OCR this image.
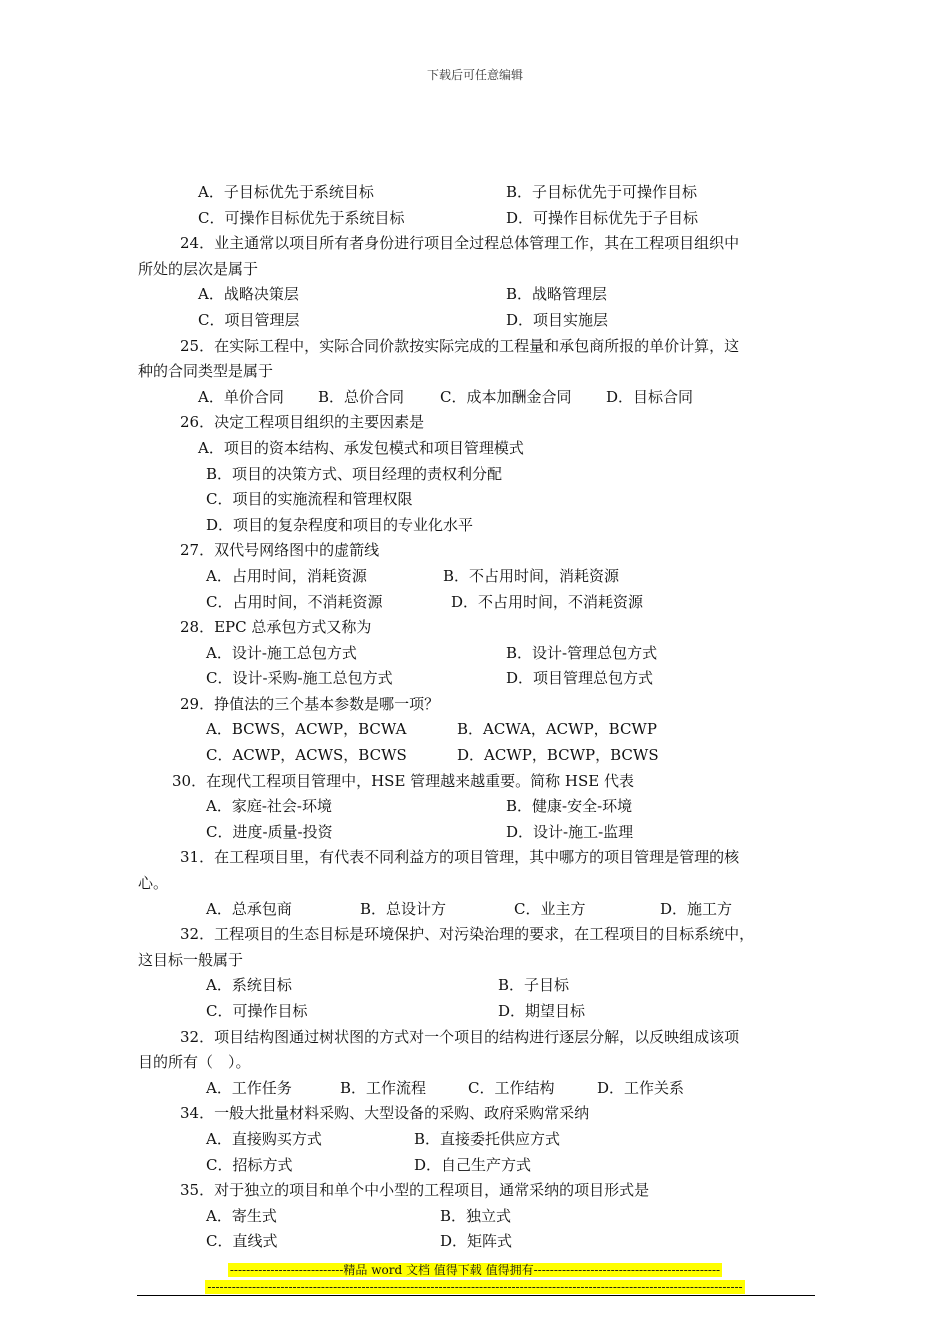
下载后可任意编辑
A．子目标优先于系统目标	B．子目标优先于可操作目标
C．可操作目标优先于系统目标	D．可操作目标优先于子目标
24．业主通常以项目所有者身份进行项目全过程总体管理工作，其在工程项目组织中
所处的层次是属于
A．战略决策层	B．战略管理层
C．项目管理层	D．项目实施层
25．在实际工程中，实际合同价款按实际完成的工程量和承包商所报的单价计算，这
种的合同类型是属于
A．单价合同 B．总价合同 C．成本加酬金合同 D．目标合同
26．决定工程项目组织的主要因素是
A．项目的资本结构、承发包模式和项目管理模式
B．项目的决策方式、项目经理的责权利分配
C．项目的实施流程和管理权限
D．项目的复杂程度和项目的专业化水平
27．双代号网络图中的虚箭线
A．占用时间，消耗资源	B．不占用时间，消耗资源
C．占用时间，不消耗资源	D．不占用时间，不消耗资源
28．EPC 总承包方式又称为
A．设计-施工总包方式	B．设计-管理总包方式
C．设计-采购-施工总包方式	D．项目管理总包方式
29．挣值法的三个基本参数是哪一项？
A．BCWS，ACWP，BCWA	B．ACWA，ACWP，BCWP
C．ACWP，ACWS，BCWS	D．ACWP，BCWP，BCWS
30．在现代工程项目管理中，HSE 管理越来越重要。简称 HSE 代表
A．家庭-社会-环境	B．健康-安全-环境
C．进度-质量-投资	D．设计-施工-监理
31．在工程项目里，有代表不同利益方的项目管理，其中哪方的项目管理是管理的核
心。
A．总承包商	B．总设计方	C．业主方	D．施工方
32．工程项目的生态目标是环境保护、对污染治理的要求，在工程项目的目标系统中，
这目标一般属于
A．系统目标	B．子目标
C．可操作目标	D．期望目标
32．项目结构图通过树状图的方式对一个项目的结构进行逐层分解，以反映组成该项
目的所有（　）。
A．工作任务	B．工作流程	C．工作结构	D．工作关系
34．一般大批量材料采购、大型设备的采购、政府采购常采纳
A．直接购买方式	B．直接委托供应方式
C．招标方式	D．自己生产方式
35．对于独立的项目和单个中小型的工程项目，通常采纳的项目形式是
A．寄生式	B．独立式
C．直线式	D．矩阵式
----------------------------精品 word 文档 值得下载 值得拥有----------------------------------------------
------------------------------------------------------------------------------------------------------------------------------------
